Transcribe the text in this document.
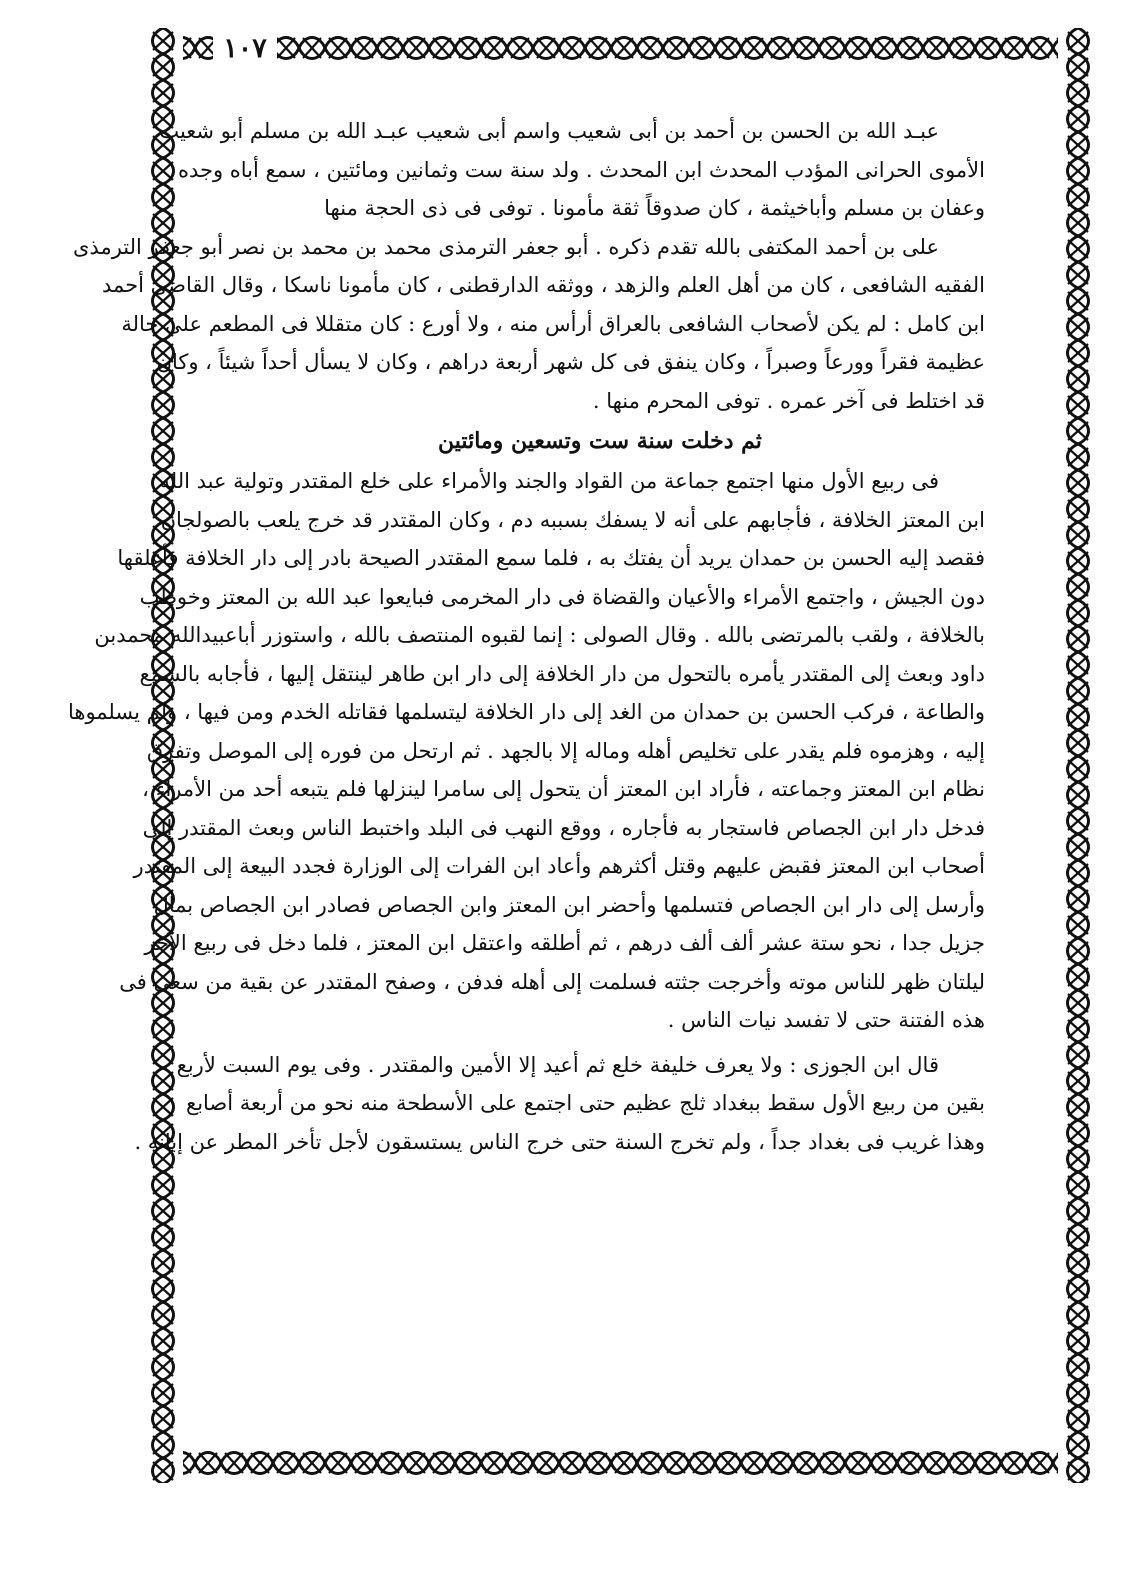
١٠٧
عبـد الله بن الحسن بن أحمد بن أبى شعيب واسم أبى شعيب عبـد الله بن مسلم أبو شعيب
الأموى الحرانى المؤدب المحدث ابن المحدث . ولد سنة ست وثمانين ومائتين ، سمع أباه وجده
وعفان بن مسلم وأباخيثمة ، كان صدوقاً ثقة مأمونا . توفى فى ذى الحجة منها
على بن أحمد المكتفى بالله تقدم ذكره . أبو جعفر الترمذى محمد بن محمد بن نصر أبو جعفر الترمذى
الفقيه الشافعى ، كان من أهل العلم والزهد ، ووثقه الدارقطنى ، كان مأمونا ناسكا ، وقال القاضى أحمد
ابن كامل : لم يكن لأصحاب الشافعى بالعراق أرأس منه ، ولا أورع : كان متقللا فى المطعم على حالة
عظيمة فقراً وورعاً وصبراً ، وكان ينفق فى كل شهر أربعة دراهم ، وكان لا يسأل أحداً شيئاً ، وكان
قد اختلط فى آخر عمره . توفى المحرم منها .
ثم دخلت سنة ست وتسعين ومائتين
فى ربيع الأول منها اجتمع جماعة من القواد والجند والأمراء على خلع المقتدر وتولية عبد الله
ابن المعتز الخلافة ، فأجابهم على أنه لا يسفك بسببه دم ، وكان المقتدر قد خرج يلعب بالصولجان
فقصد إليه الحسن بن حمدان يريد أن يفتك به ، فلما سمع المقتدر الصيحة بادر إلى دار الخلافة فأغلقها
دون الجيش ، واجتمع الأمراء والأعيان والقضاة فى دار المخرمى فبايعوا عبد الله بن المعتز وخوطب
بالخلافة ، ولقب بالمرتضى بالله . وقال الصولى : إنما لقبوه المنتصف بالله ، واستوزر أباعبيدالله محمدبن
داود وبعث إلى المقتدر يأمره بالتحول من دار الخلافة إلى دار ابن طاهر لينتقل إليها ، فأجابه بالسمع
والطاعة ، فركب الحسن بن حمدان من الغد إلى دار الخلافة ليتسلمها فقاتله الخدم ومن فيها ، ولم يسلموها
إليه ، وهزموه فلم يقدر على تخليص أهله وماله إلا بالجهد . ثم ارتحل من فوره إلى الموصل وتفرق
نظام ابن المعتز وجماعته ، فأراد ابن المعتز أن يتحول إلى سامرا لينزلها فلم يتبعه أحد من الأمراء ،
فدخل دار ابن الجصاص فاستجار به فأجاره ، ووقع النهب فى البلد واختبط الناس وبعث المقتدر إلى
أصحاب ابن المعتز فقبض عليهم وقتل أكثرهم وأعاد ابن الفرات إلى الوزارة فجدد البيعة إلى المقتدر
وأرسل إلى دار ابن الجصاص فتسلمها وأحضر ابن المعتز وابن الجصاص فصادر ابن الجصاص بمال
جزيل جدا ، نحو ستة عشر ألف ألف درهم ، ثم أطلقه واعتقل ابن المعتز ، فلما دخل فى ربيع الآخر
ليلتان ظهر للناس موته وأخرجت جثته فسلمت إلى أهله فدفن ، وصفح المقتدر عن بقية من سعى فى
هذه الفتنة حتى لا تفسد نيات الناس .
قال ابن الجوزى : ولا يعرف خليفة خلع ثم أعيد إلا الأمين والمقتدر . وفى يوم السبت لأربع
بقين من ربيع الأول سقط ببغداد ثلج عظيم حتى اجتمع على الأسطحة منه نحو من أربعة أصابع
وهذا غريب فى بغداد جداً ، ولم تخرج السنة حتى خرج الناس يستسقون لأجل تأخر المطر عن إبانه .
